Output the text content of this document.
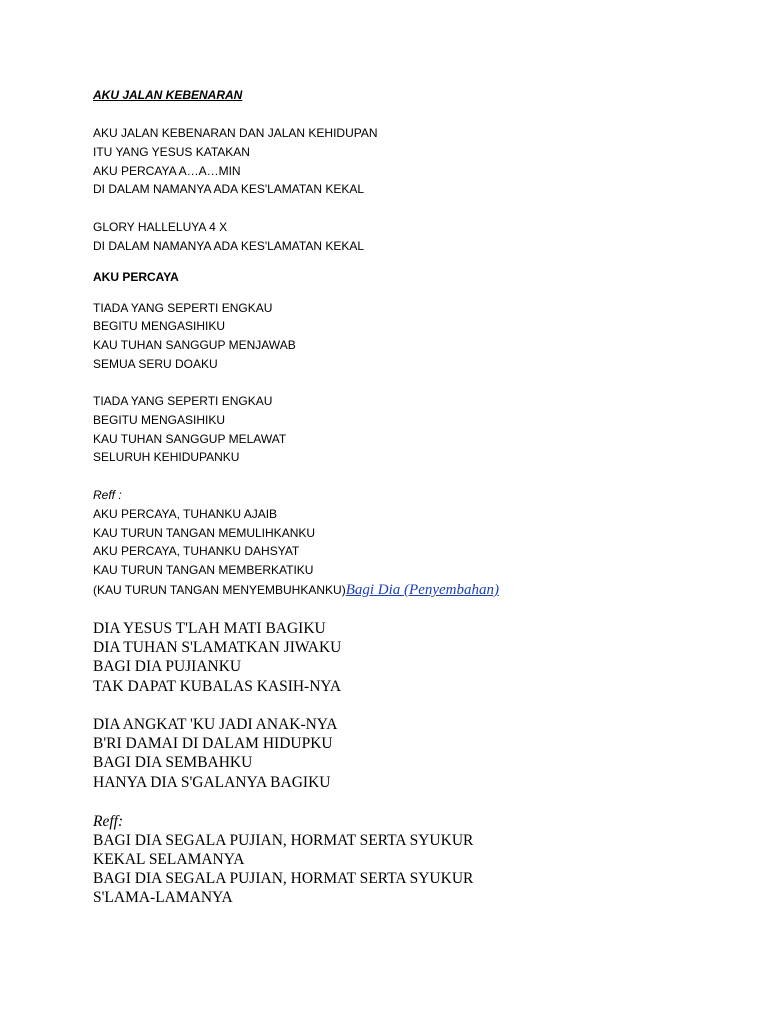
AKU JALAN KEBENARAN
AKU JALAN KEBENARAN DAN JALAN KEHIDUPAN
ITU YANG YESUS KATAKAN
AKU PERCAYA A…A…MIN
DI DALAM NAMANYA ADA KES'LAMATAN KEKAL
GLORY HALLELUYA 4 X
DI DALAM NAMANYA ADA KES'LAMATAN KEKAL
AKU PERCAYA
TIADA YANG SEPERTI ENGKAU
BEGITU MENGASIHIKU
KAU TUHAN SANGGUP MENJAWAB
SEMUA SERU DOAKU
TIADA YANG SEPERTI ENGKAU
BEGITU MENGASIHIKU
KAU TUHAN SANGGUP MELAWAT
SELURUH KEHIDUPANKU
Reff :
AKU PERCAYA, TUHANKU AJAIB
KAU TURUN TANGAN MEMULIHKANKU
AKU PERCAYA, TUHANKU DAHSYAT
KAU TURUN TANGAN MEMBERKATIKU
(KAU TURUN TANGAN MENYEMBUHKANKU)Bagi Dia (Penyembahan)
DIA YESUS T'LAH MATI BAGIKU
DIA TUHAN S'LAMATKAN JIWAKU
BAGI DIA PUJIANKU
TAK DAPAT KUBALAS KASIH-NYA
DIA ANGKAT 'KU JADI ANAK-NYA
B'RI DAMAI DI DALAM HIDUPKU
BAGI DIA SEMBAHKU
HANYA DIA S'GALANYA BAGIKU
Reff:
BAGI DIA SEGALA PUJIAN, HORMAT SERTA SYUKUR
KEKAL SELAMANYA
BAGI DIA SEGALA PUJIAN, HORMAT SERTA SYUKUR
S'LAMA-LAMANYA
